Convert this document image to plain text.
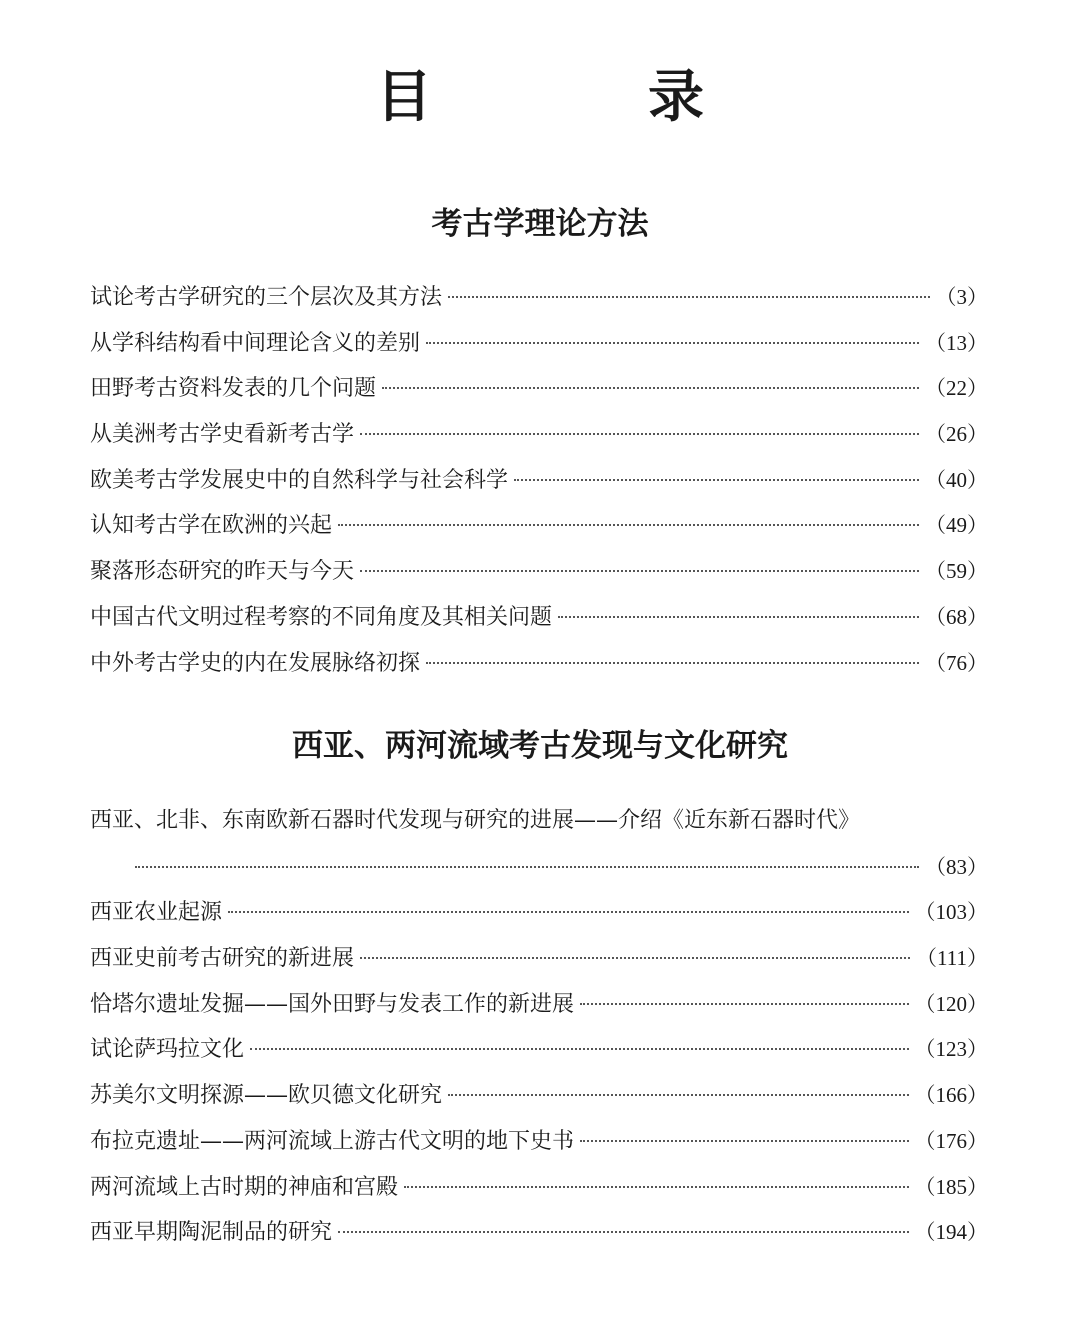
目　录
考古学理论方法
试论考古学研究的三个层次及其方法	（3）
从学科结构看中间理论含义的差别	（13）
田野考古资料发表的几个问题	（22）
从美洲考古学史看新考古学	（26）
欧美考古学发展史中的自然科学与社会科学	（40）
认知考古学在欧洲的兴起	（49）
聚落形态研究的昨天与今天	（59）
中国古代文明过程考察的不同角度及其相关问题	（68）
中外考古学史的内在发展脉络初探	（76）
西亚、两河流域考古发现与文化研究
西亚、北非、东南欧新石器时代发现与研究的进展——介绍《近东新石器时代》
（83）
西亚农业起源	（103）
西亚史前考古研究的新进展	（111）
恰塔尔遗址发掘——国外田野与发表工作的新进展	（120）
试论萨玛拉文化	（123）
苏美尔文明探源——欧贝德文化研究	（166）
布拉克遗址——两河流域上游古代文明的地下史书	（176）
两河流域上古时期的神庙和宫殿	（185）
西亚早期陶泥制品的研究	（194）
